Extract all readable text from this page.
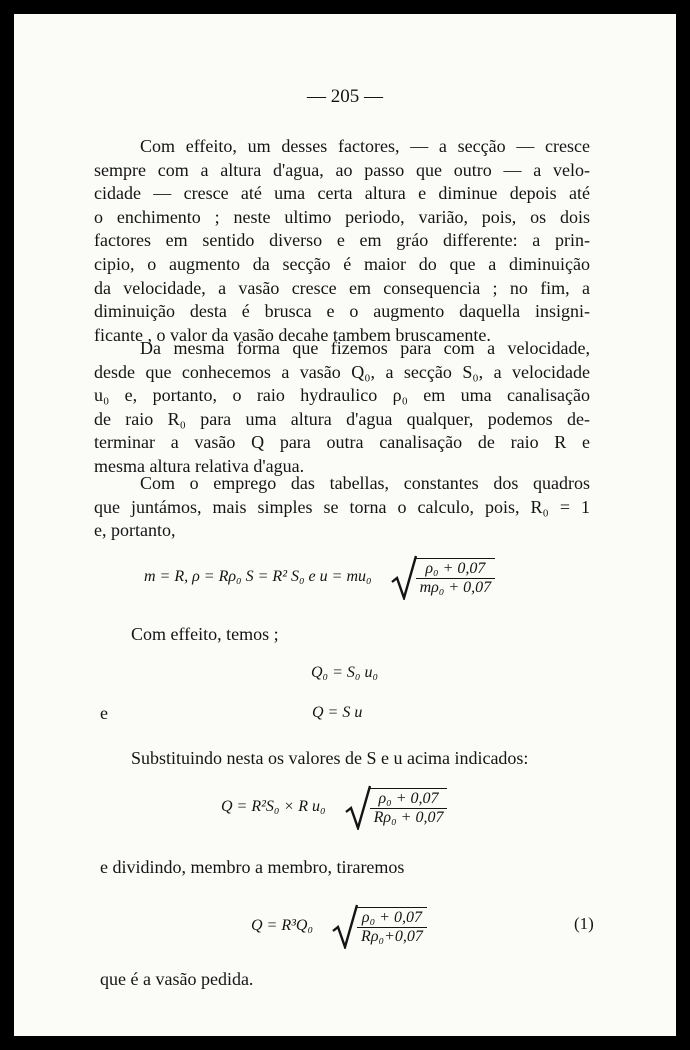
— 205 —
Com effeito, um desses factores, — a secção — cresce
sempre com a altura d'agua, ao passo que outro — a velo-
cidade — cresce até uma certa altura e diminue depois até
o enchimento ; neste ultimo periodo, varião, pois, os dois
factores em sentido diverso e em gráo differente: a prin-
cipio, o augmento da secção é maior do que a diminuição
da velocidade, a vasão cresce em consequencia ; no fim, a
diminuição desta é brusca e o augmento daquella insigni-
ficante , o valor da vasão decahe tambem bruscamente.
Da mesma forma que fizemos para com a velocidade,
desde que conhecemos a vasão Q₀, a secção S₀, a velocidade
u₀ e, portanto, o raio hydraulico ρ₀ em uma canalisação
de raio R₀ para uma altura d'agua qualquer, podemos de-
terminar a vasão Q para outra canalisação de raio R e
mesma altura relativa d'agua.
Com o emprego das tabellas, constantes dos quadros
que juntámos, mais simples se torna o calculo, pois, R₀ = 1
e, portanto,
m = R, ρ = Rρ₀ S = R² S₀ e u = mu₀	$\frac{\text{ρ₀ + 0,07}}{\text{mρ₀ + 0,07}}$
Com effeito, temos ;
Q₀ = S₀ u₀
e	Q = S u
Substituindo nesta os valores de S e u acima indicados:
Q = R²S₀ × R u₀	$\frac{\text{ρ₀ + 0,07}}{\text{Rρ₀ + 0,07}}$
e dividindo, membro a membro, tiraremos
Q = R³Q₀	$\frac{\text{ρ₀ + 0,07}}{\text{Rρ₀+0,07}}$	(1)
que é a vasão pedida.
